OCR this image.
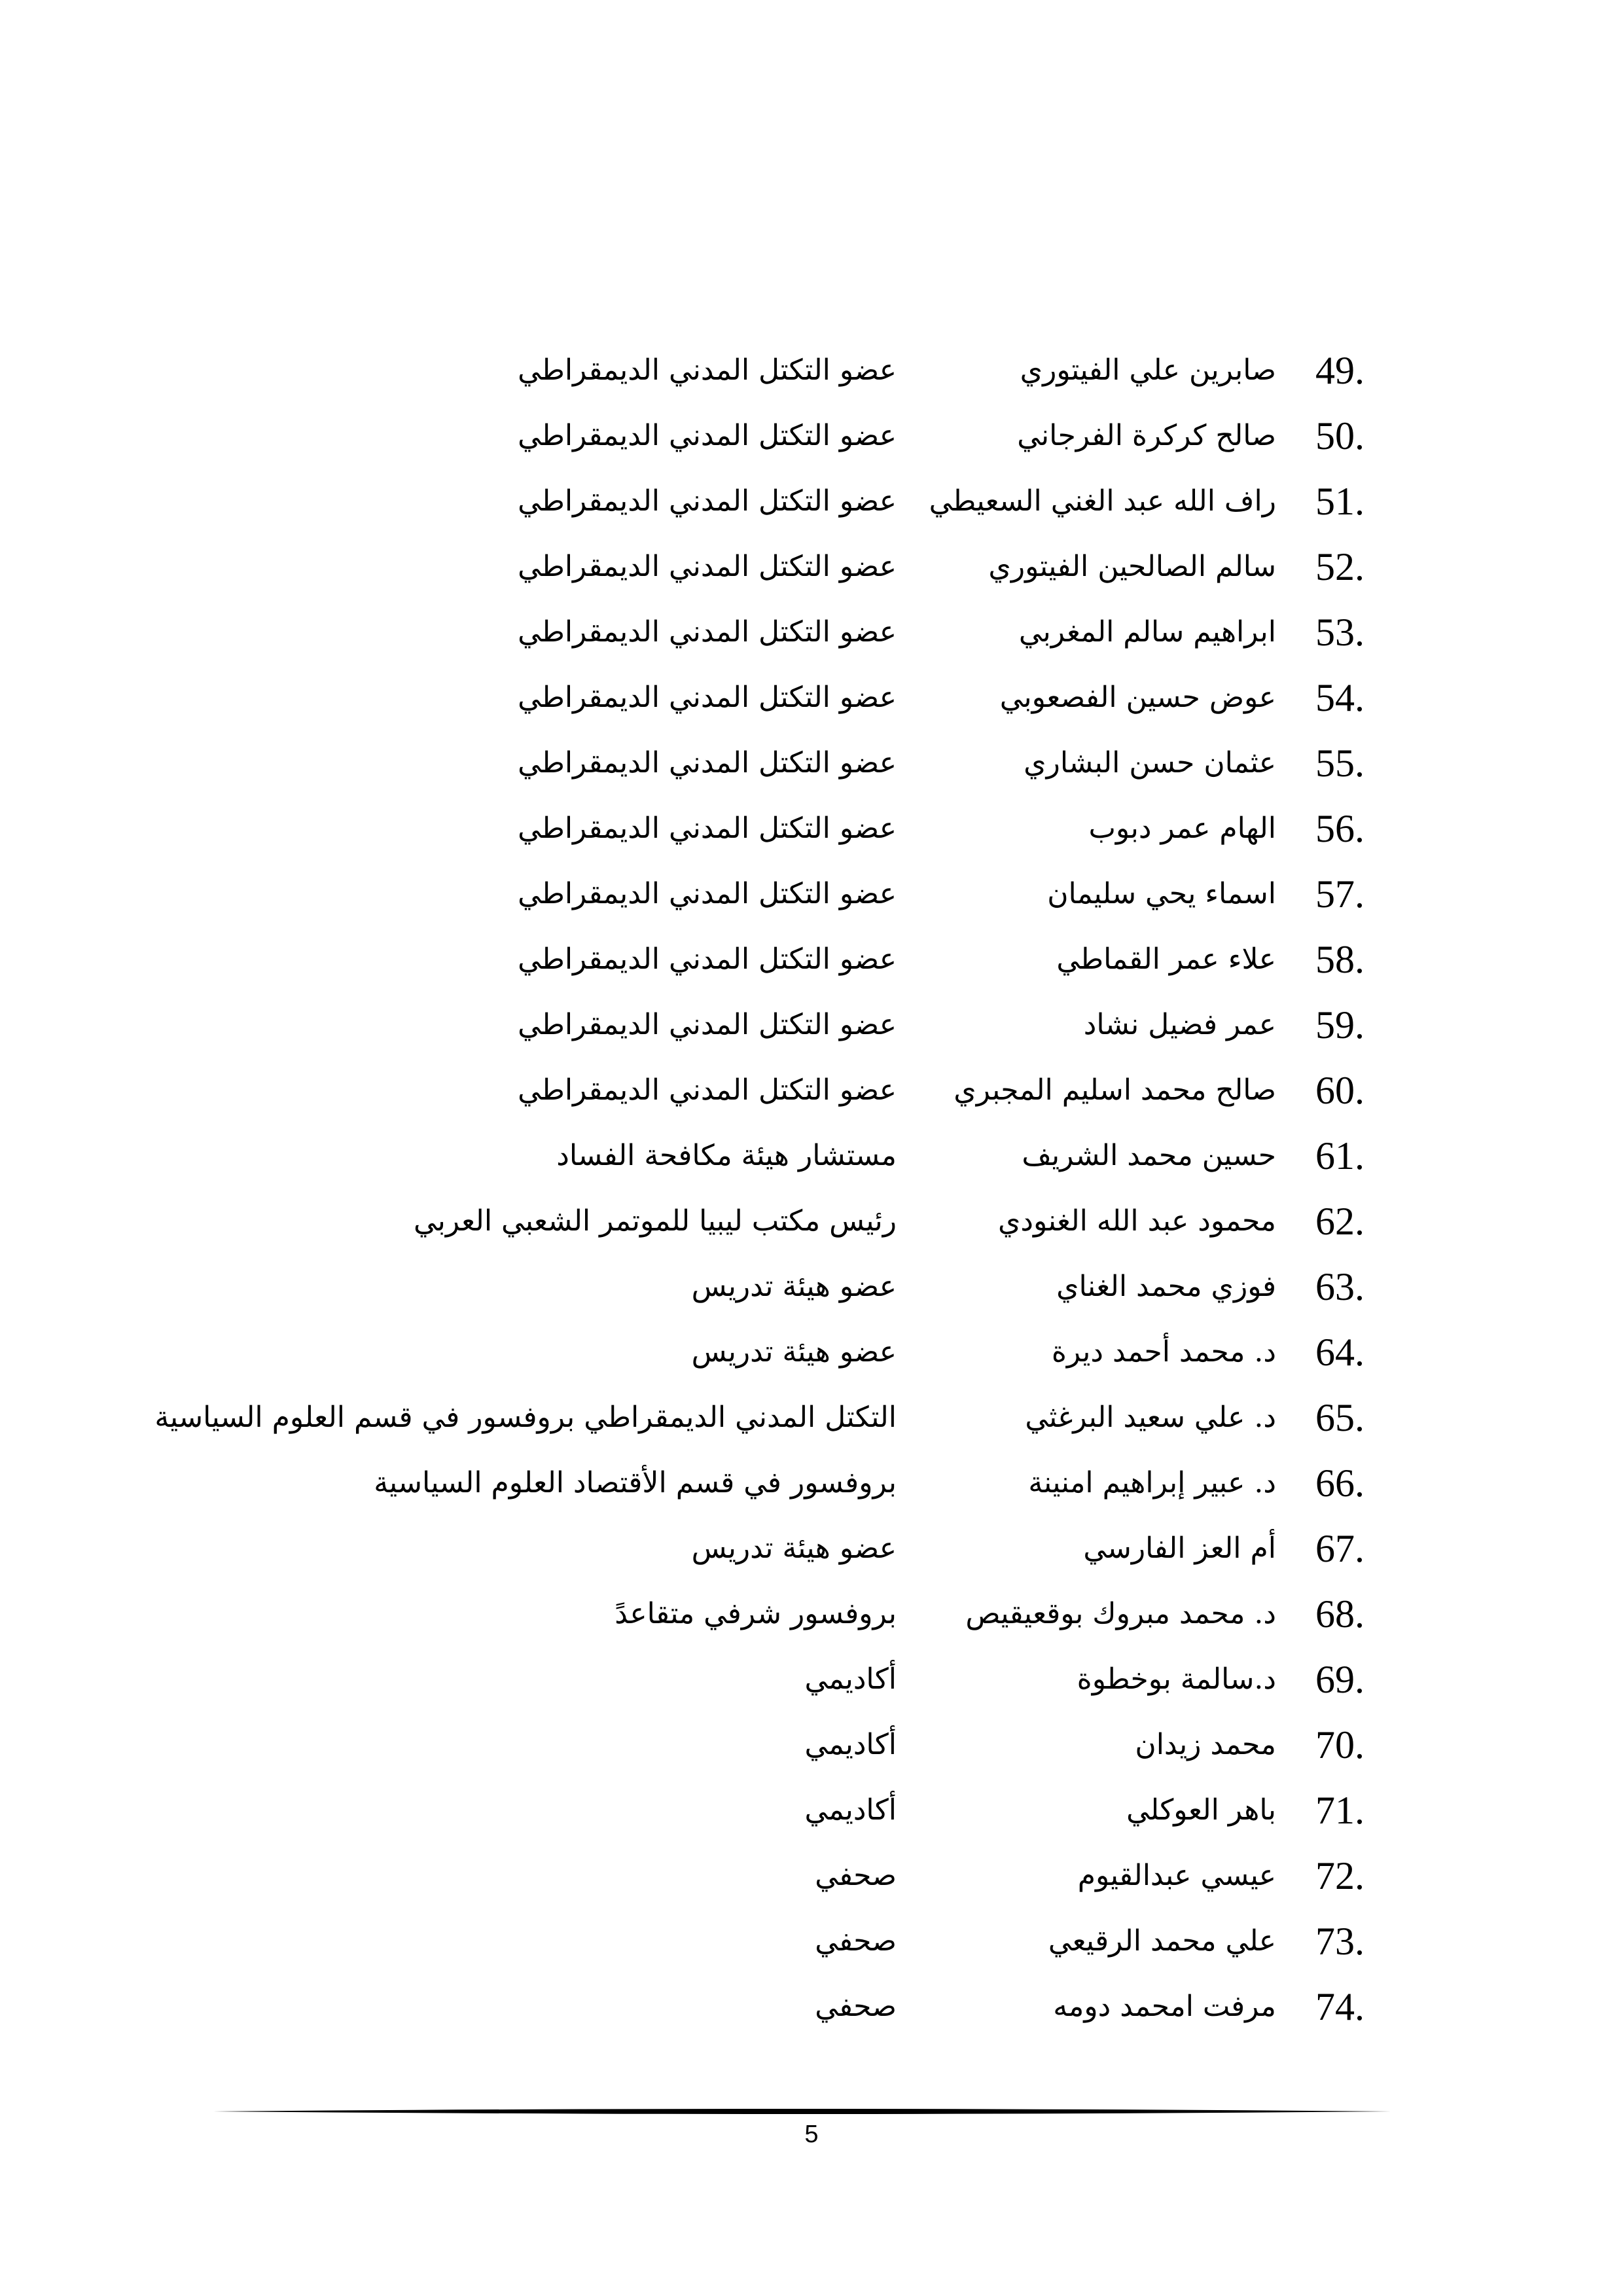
49.
صابرين علي الفيتوري
عضو التكتل المدني الديمقراطي
50.
صالح كركرة الفرجاني
عضو التكتل المدني الديمقراطي
51.
راف الله عبد الغني السعيطي
عضو التكتل المدني الديمقراطي
52.
سالم الصالحين الفيتوري
عضو التكتل المدني الديمقراطي
53.
ابراهيم سالم المغربي
عضو التكتل المدني الديمقراطي
54.
عوض حسين الفصعوبي
عضو التكتل المدني الديمقراطي
55.
عثمان حسن البشاري
عضو التكتل المدني الديمقراطي
56.
الهام عمر دبوب
عضو التكتل المدني الديمقراطي
57.
اسماء يحي سليمان
عضو التكتل المدني الديمقراطي
58.
علاء عمر القماطي
عضو التكتل المدني الديمقراطي
59.
عمر فضيل نشاد
عضو التكتل المدني الديمقراطي
60.
صالح محمد اسليم المجبري
عضو التكتل المدني الديمقراطي
61.
حسين محمد الشريف
مستشار هيئة مكافحة الفساد
62.
محمود عبد الله الغنودي
رئيس مكتب ليبيا للموتمر الشعبي العربي
63.
فوزي محمد الغناي
عضو هيئة تدريس
64.
د. محمد أحمد ديرة
عضو هيئة تدريس
65.
د. علي سعيد البرغثي
التكتل المدني الديمقراطي بروفسور في قسم العلوم السياسية
66.
د. عبير إبراهيم امنينة
بروفسور في قسم الأقتصاد العلوم السياسية
67.
أم العز الفارسي
عضو هيئة تدريس
68.
د. محمد مبروك بوقعيقيص
بروفسور شرفي متقاعدً
69.
د.سالمة بوخطوة
أكاديمي
70.
محمد زيدان
أكاديمي
71.
باهر العوكلي
أكاديمي
72.
عيسي عبدالقيوم
صحفي
73.
علي محمد الرقيعي
صحفي
74.
مرفت امحمد دومه
صحفي
5
